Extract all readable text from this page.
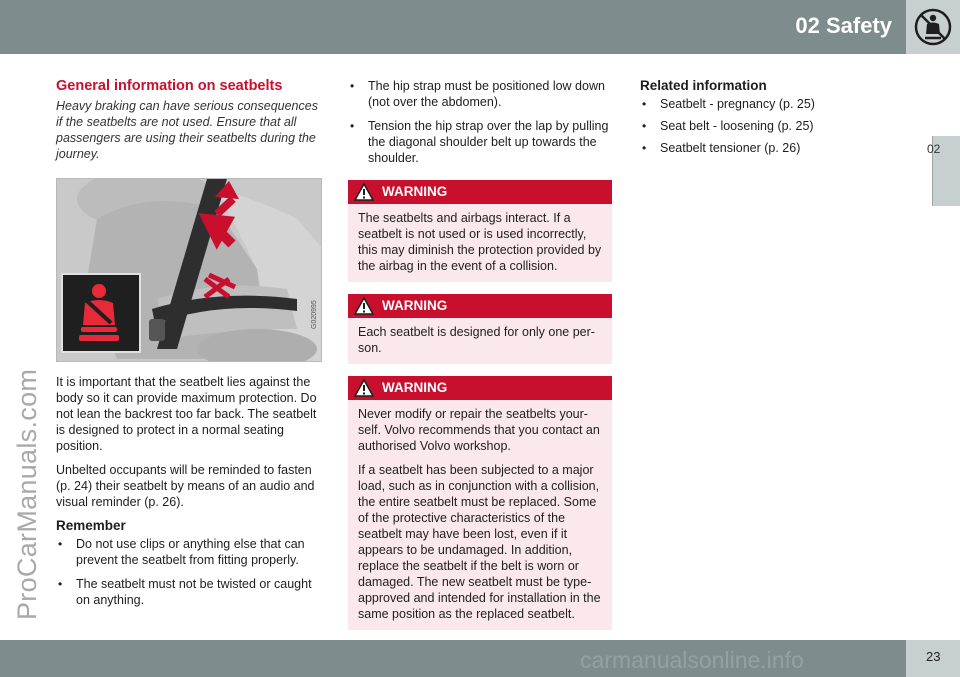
02 Safety
02
ProCarManuals.com
General information on seatbelts

Heavy braking can have serious consequences if the seatbelts are not used. Ensure that all passengers are using their seatbelts during the journey.

G020995

It is important that the seatbelt lies against the body so it can provide maximum protection. Do not lean the backrest too far back. The seatbelt is designed to protect in a normal seating position.

Unbelted occupants will be reminded to fasten (p. 24) their seatbelt by means of an audio and visual reminder (p. 26).

Remember
• Do not use clips or anything else that can prevent the seatbelt from fitting properly.
• The seatbelt must not be twisted or caught on anything.
• The hip strap must be positioned low down (not over the abdomen).
• Tension the hip strap over the lap by pulling the diagonal shoulder belt up towards the shoulder.
WARNING

The seatbelts and airbags interact. If a seatbelt is not used or is used incorrectly, this may diminish the protection provided by the airbag in the event of a collision.

WARNING

Each seatbelt is designed for only one person.

WARNING

Never modify or repair the seatbelts yourself. Volvo recommends that you contact an authorised Volvo workshop.

If a seatbelt has been subjected to a major load, such as in conjunction with a collision, the entire seatbelt must be replaced. Some of the protective characteristics of the seatbelt may have been lost, even if it appears to be undamaged. In addition, replace the seatbelt if the belt is worn or damaged. The new seatbelt must be type-approved and intended for installation in the same position as the replaced seatbelt.

Related information
• Seatbelt - pregnancy (p. 25)
• Seat belt - loosening (p. 25)
• Seatbelt tensioner (p. 26)
23
carmanualsonline.info
